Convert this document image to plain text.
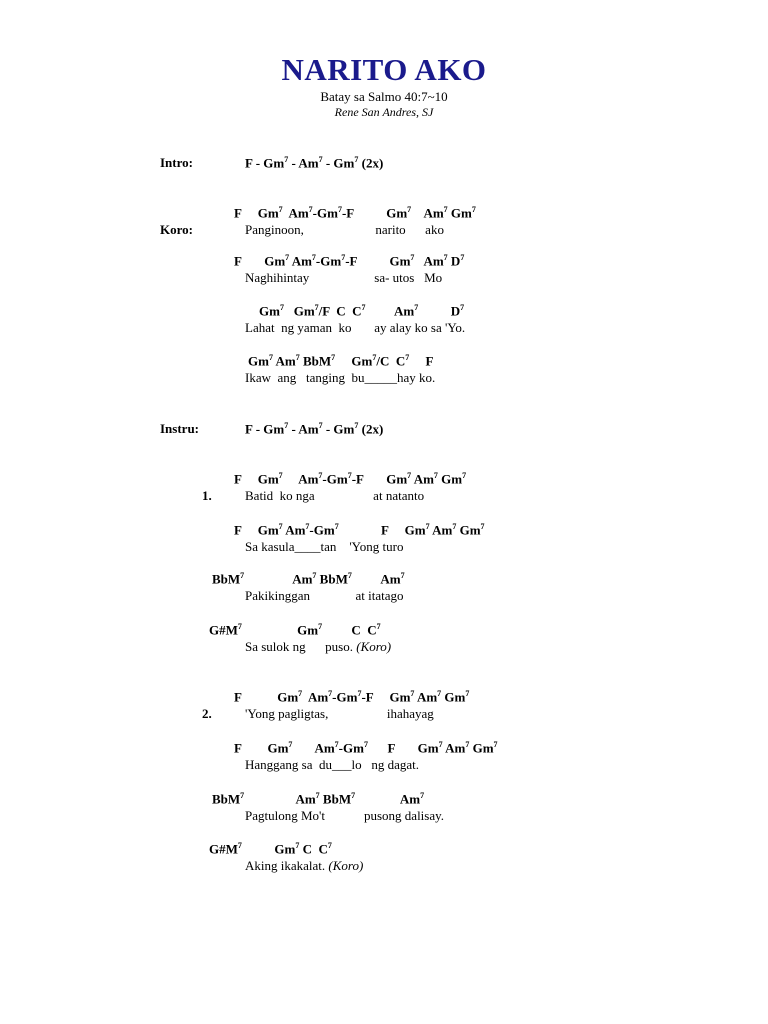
NARITO AKO
Batay sa Salmo 40:7~10
Rene San Andres, SJ
Intro:	F - Gm$^7$ - Am$^7$ - Gm$^7$ (2x)
F     Gm$^7$  Am$^7$-Gm$^7$-F          Gm$^7$    Am$^7$ Gm$^7$
Koro:	Panginoon,                      narito      ako
F       Gm$^7$ Am$^7$-Gm$^7$-F          Gm$^7$   Am$^7$ $D^7$
Naghihintay                    sa- utos   Mo
Gm$^7$   Gm$^7$/F  C  $C^7$         Am$^7$          $D^7$
Lahat  ng yaman  ko       ay alay ko sa 'Yo.
Gm$^7$ Am$^7$ BbM$^7$     Gm$^7$/C  $C^7$     F
Ikaw  ang   tanging  bu_____hay ko.
Instru:	F - Gm$^7$ - Am$^7$ - Gm$^7$ (2x)
F     Gm$^7$     Am$^7$-Gm$^7$-F       Gm$^7$ Am$^7$ Gm$^7$
1.	Batid  ko nga                  at natanto
F     Gm$^7$ Am$^7$-Gm$^7$             F     Gm$^7$ Am$^7$ Gm$^7$
Sa kasula____tan    'Yong turo
BbM$^7$               Am$^7$ BbM$^7$         Am$^7$
Pakikinggan              at itatago
$G\#M^7$                 Gm$^7$         C  $C^7$
Sa sulok ng      puso. (Koro)
F           Gm$^7$  Am$^7$-Gm$^7$-F     Gm$^7$ Am$^7$ Gm$^7$
2.	'Yong pagligtas,                  ihahayag
F        Gm$^7$       Am$^7$-Gm$^7$      F       Gm$^7$ Am$^7$ Gm$^7$
Hanggang sa  du___lo   ng dagat.
BbM$^7$                Am$^7$ BbM$^7$              Am$^7$
Pagtulong Mo't            pusong dalisay.
$G\#M^7$          Gm$^7$ C  $C^7$
Aking ikakalat. (Koro)
